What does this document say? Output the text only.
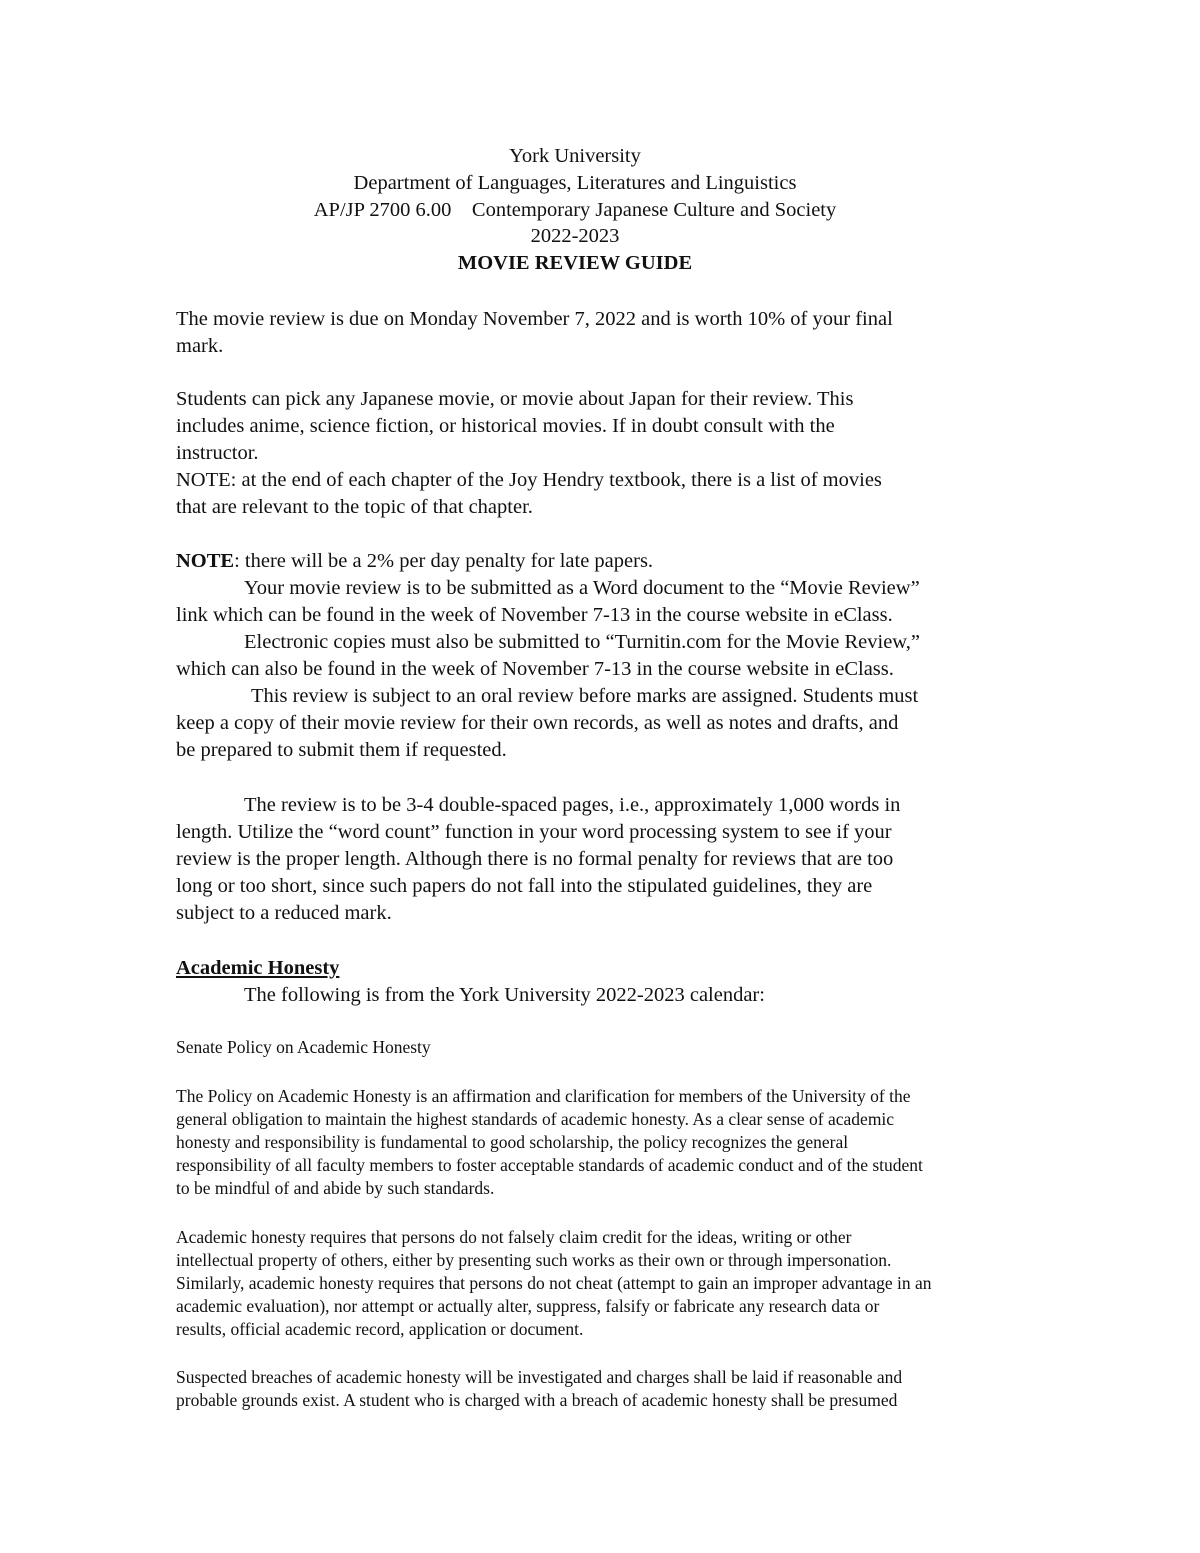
York University
Department of Languages, Literatures and Linguistics
AP/JP 2700 6.00    Contemporary Japanese Culture and Society
2022-2023
MOVIE REVIEW GUIDE
The movie review is due on Monday November 7, 2022 and is worth 10% of your final
mark.
Students can pick any Japanese movie, or movie about Japan for their review. This
includes anime, science fiction, or historical movies. If in doubt consult with the
instructor.
NOTE: at the end of each chapter of the Joy Hendry textbook, there is a list of movies
that are relevant to the topic of that chapter.
NOTE: there will be a 2% per day penalty for late papers.
Your movie review is to be submitted as a Word document to the “Movie Review”
link which can be found in the week of November 7-13 in the course website in eClass.
Electronic copies must also be submitted to “Turnitin.com for the Movie Review,”
which can also be found in the week of November 7-13 in the course website in eClass.
This review is subject to an oral review before marks are assigned. Students must
keep a copy of their movie review for their own records, as well as notes and drafts, and
be prepared to submit them if requested.
The review is to be 3-4 double-spaced pages, i.e., approximately 1,000 words in
length. Utilize the “word count” function in your word processing system to see if your
review is the proper length. Although there is no formal penalty for reviews that are too
long or too short, since such papers do not fall into the stipulated guidelines, they are
subject to a reduced mark.
Academic Honesty
The following is from the York University 2022-2023 calendar:
Senate Policy on Academic Honesty
The Policy on Academic Honesty is an affirmation and clarification for members of the University of the
general obligation to maintain the highest standards of academic honesty. As a clear sense of academic
honesty and responsibility is fundamental to good scholarship, the policy recognizes the general
responsibility of all faculty members to foster acceptable standards of academic conduct and of the student
to be mindful of and abide by such standards.
Academic honesty requires that persons do not falsely claim credit for the ideas, writing or other
intellectual property of others, either by presenting such works as their own or through impersonation.
Similarly, academic honesty requires that persons do not cheat (attempt to gain an improper advantage in an
academic evaluation), nor attempt or actually alter, suppress, falsify or fabricate any research data or
results, official academic record, application or document.
Suspected breaches of academic honesty will be investigated and charges shall be laid if reasonable and
probable grounds exist. A student who is charged with a breach of academic honesty shall be presumed
